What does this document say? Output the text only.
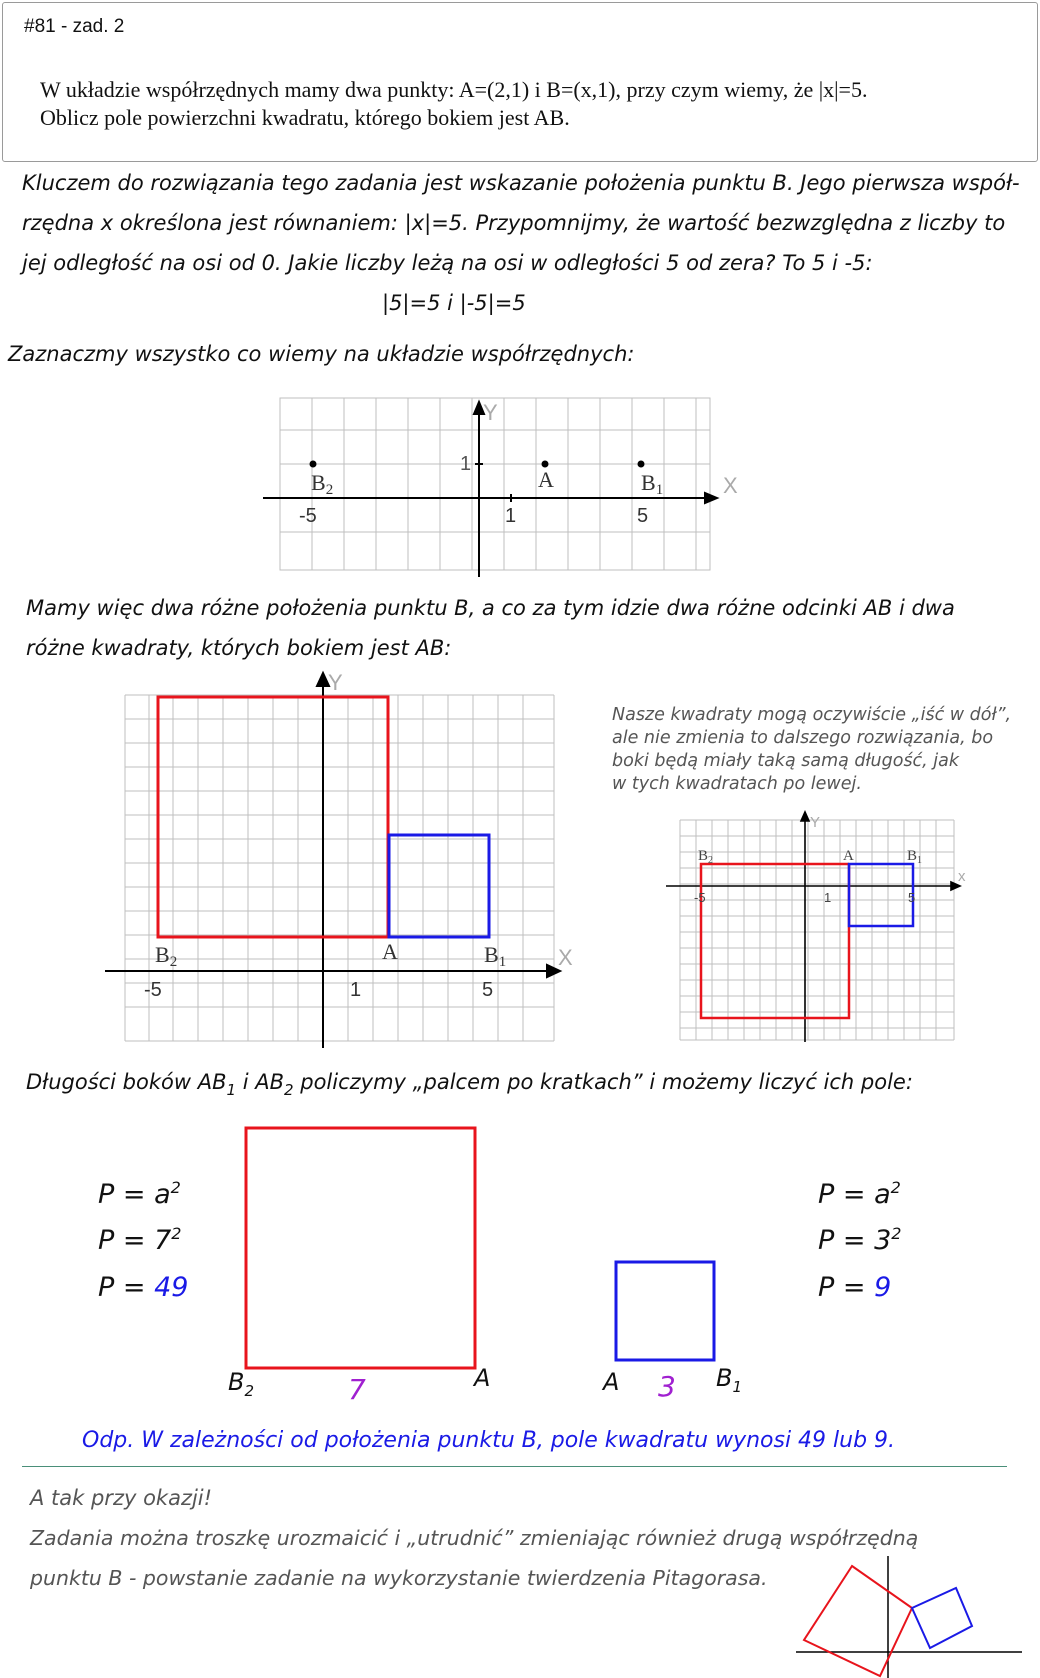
#81 - zad. 2
W układzie współrzędnych mamy dwa punkty: A=(2,1) i B=(x,1), przy czym wiemy, że |x|=5.
Oblicz pole powierzchni kwadratu, którego bokiem jest AB.
Kluczem do rozwiązania tego zadania jest wskazanie położenia punktu B. Jego pierwsza współ-
rzędna x określona jest równaniem: |x|=5. Przypomnijmy, że wartość bezwzględna z liczby to
jej odległość na osi od 0. Jakie liczby leżą na osi w odległości 5 od zera? To 5 i -5:
|5|=5 i |-5|=5
Zaznaczmy wszystko co wiemy na układzie współrzędnych:
X
Y
1
-5	1	5
B2	A	B1
Mamy więc dwa różne położenia punktu B, a co za tym idzie dwa różne odcinki AB i dwa
różne kwadraty, których bokiem jest AB:
X
Y
-5	1	5
B2	A	B1
Nasze kwadraty mogą oczywiście „iść w dół”,
ale nie zmienia to dalszego rozwiązania, bo
boki będą miały taką samą długość, jak
w tych kwadratach po lewej.
x
Y
-5	1	5
$B_2$	A	$B_1$
Długości boków $AB_1$ i $AB_2$ policzymy „palcem po kratkach” i możemy liczyć ich pole:
$P = a^2$
$P = 7^2$
P = 49
$P = a^2$
$P = 3^2$
P = 9
$B_2$	A
7	A	$B_1$
3
Odp. W zależności od położenia punktu B, pole kwadratu wynosi 49 lub 9.
A tak przy okazji!
Zadania można troszkę urozmaicić i „utrudnić” zmieniając również drugą współrzędną
punktu B - powstanie zadanie na wykorzystanie twierdzenia Pitagorasa.
